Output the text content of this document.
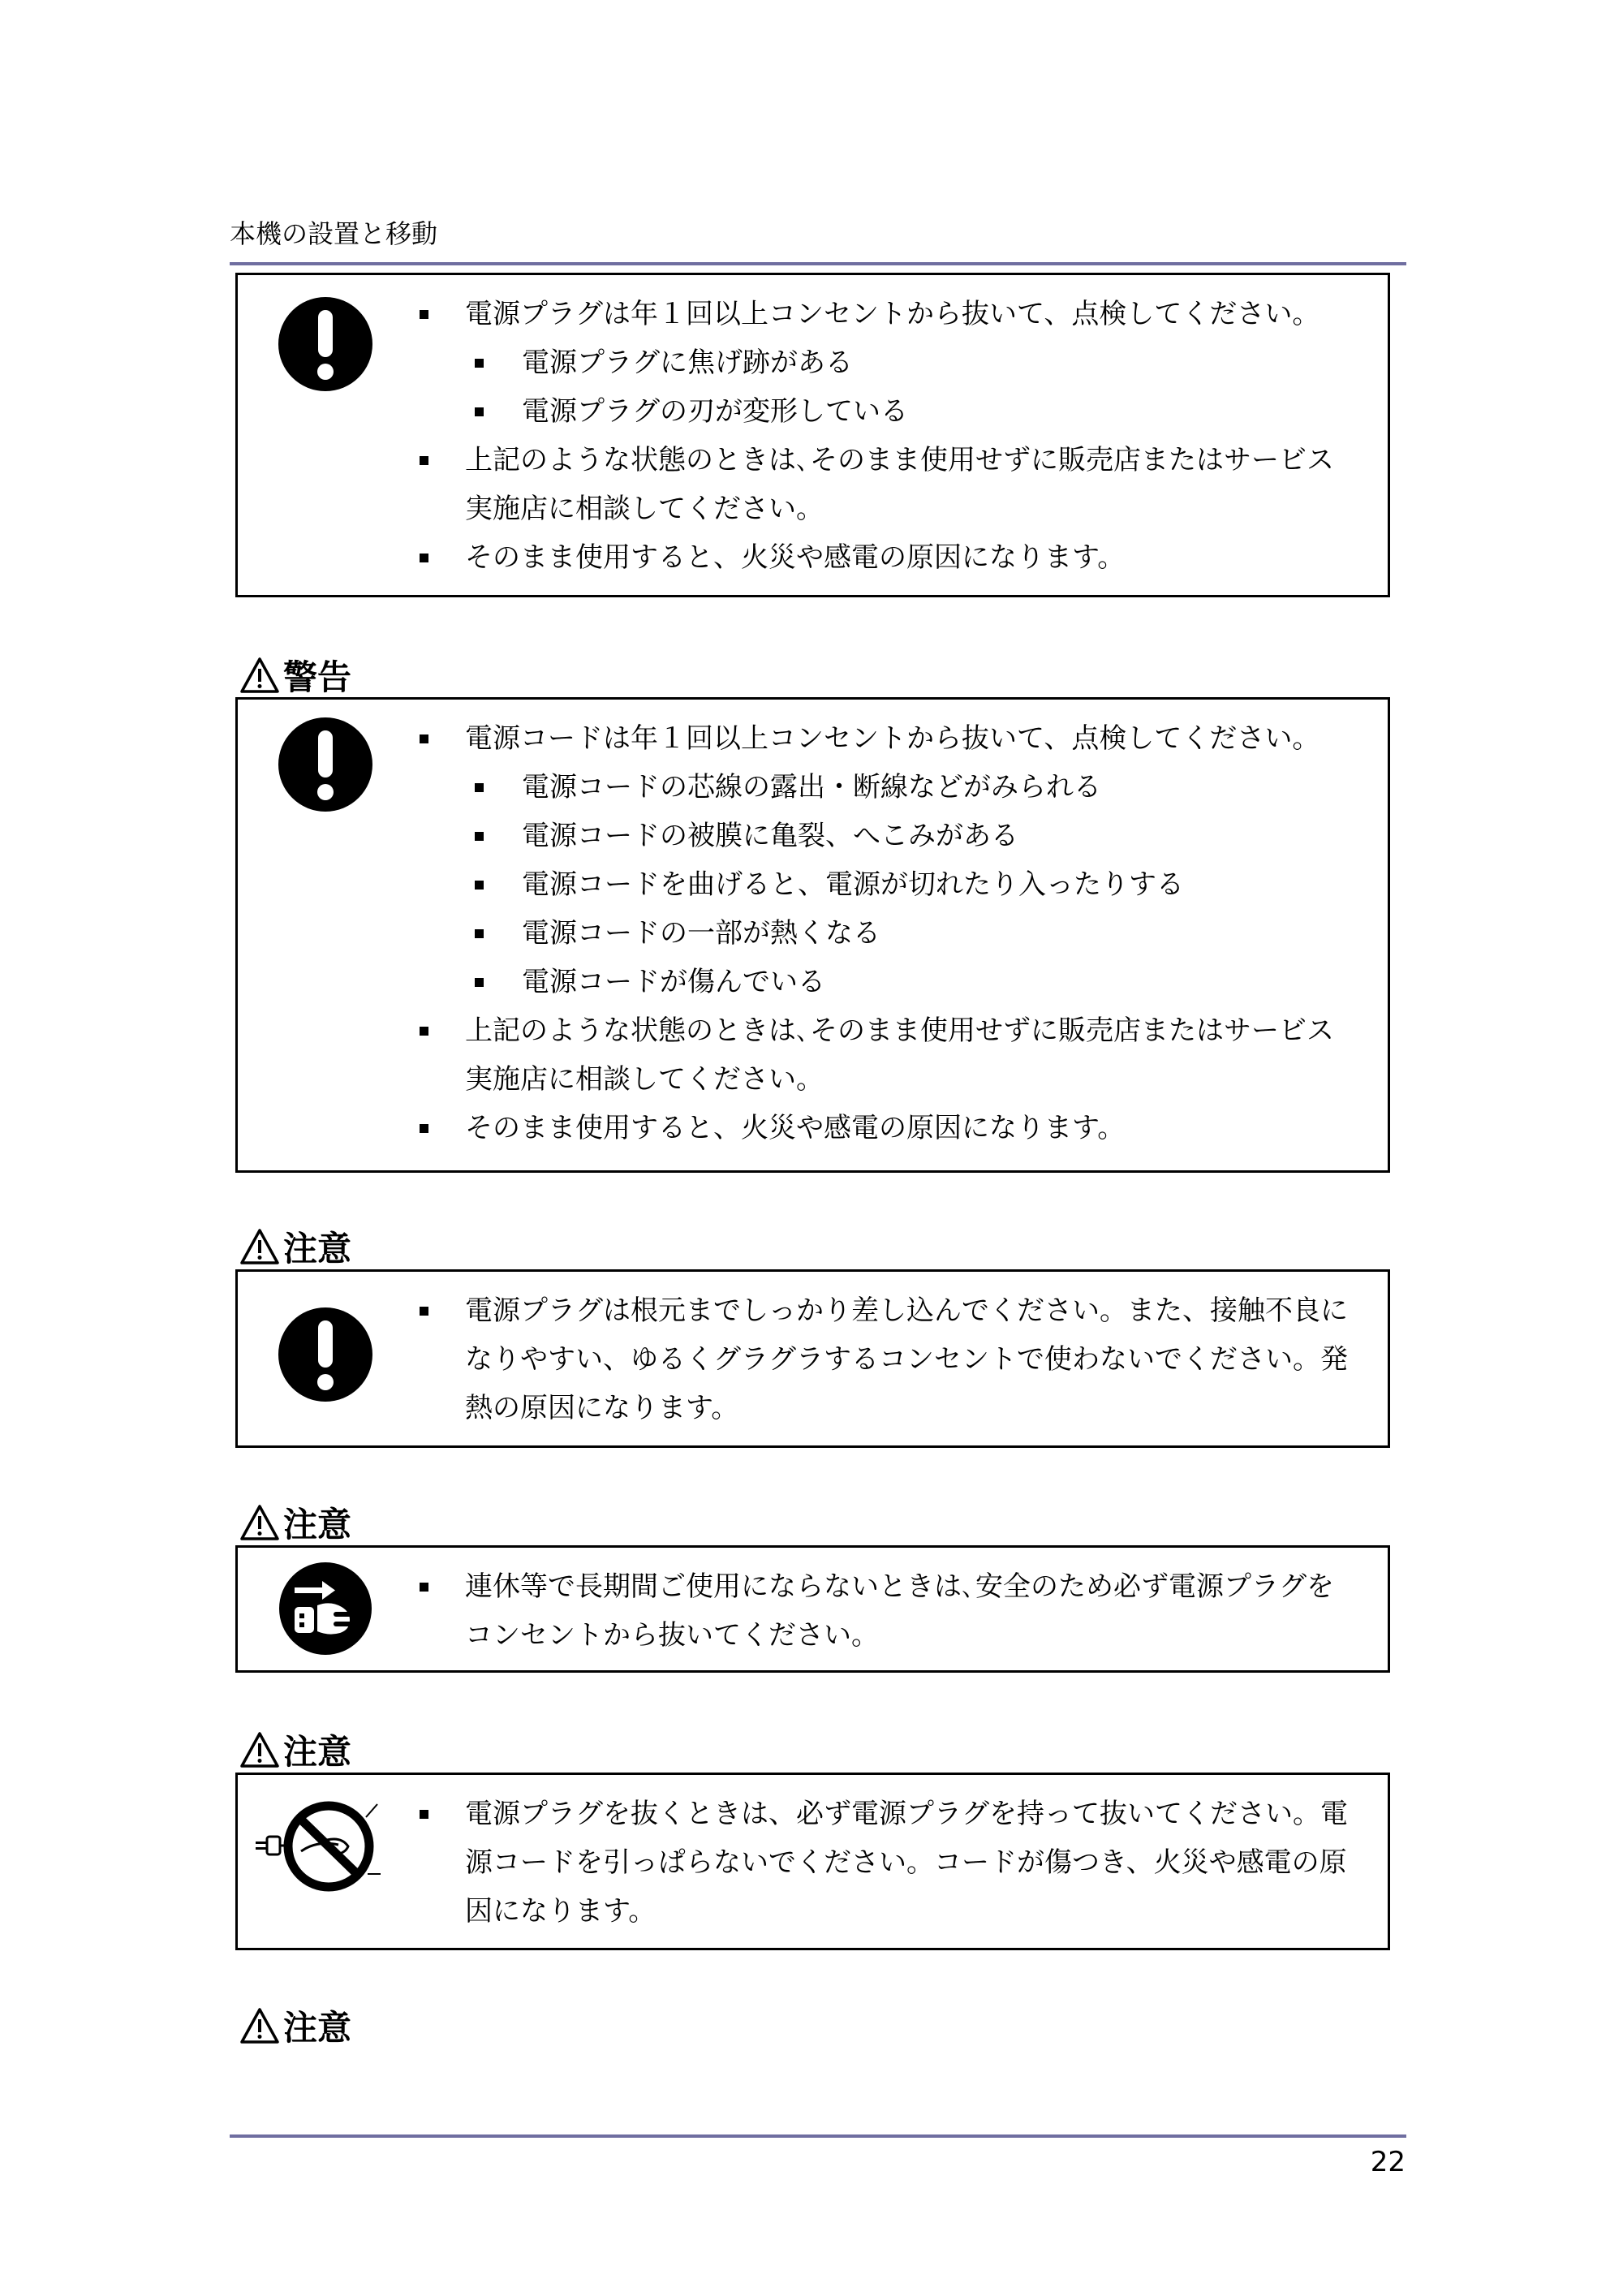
本機の設置と移動
電源プラグは年１回以上コンセントから抜いて、点検してください。
電源プラグに焦げ跡がある
電源プラグの刃が変形している
上記のような状態のときは､そのまま使用せずに販売店またはサービス
実施店に相談してください。
そのまま使用すると、火災や感電の原因になります。
警告
電源コードは年１回以上コンセントから抜いて、点検してください。
電源コードの芯線の露出・断線などがみられる
電源コードの被膜に亀裂、へこみがある
電源コードを曲げると、電源が切れたり入ったりする
電源コードの一部が熱くなる
電源コードが傷んでいる
上記のような状態のときは､そのまま使用せずに販売店またはサービス
実施店に相談してください。
そのまま使用すると、火災や感電の原因になります。
注意
電源プラグは根元までしっかり差し込んでください。また、接触不良に
なりやすい、ゆるくグラグラするコンセントで使わないでください。発
熱の原因になります。
注意
連休等で長期間ご使用にならないときは､安全のため必ず電源プラグを
コンセントから抜いてください。
注意
電源プラグを抜くときは、必ず電源プラグを持って抜いてください。電
源コードを引っぱらないでください。コードが傷つき、火災や感電の原
因になります。
注意
22
